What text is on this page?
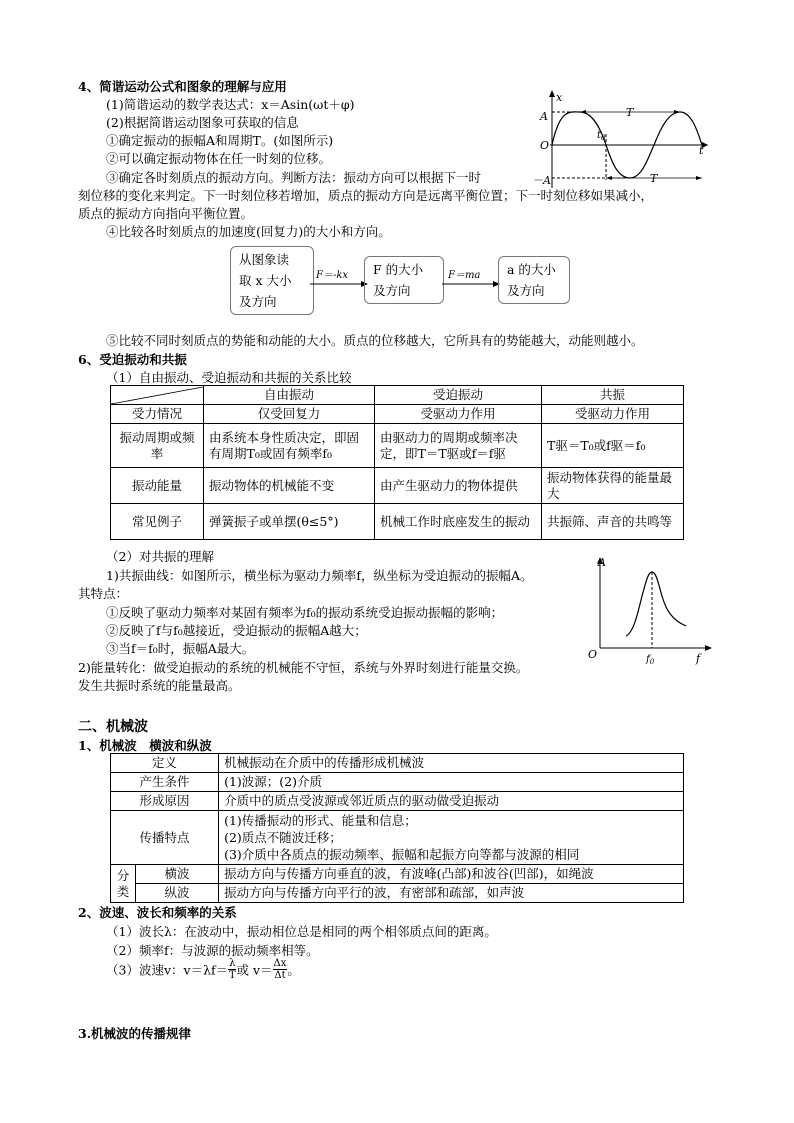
4、简谐运动公式和图象的理解与应用
(1)简谐运动的数学表达式：x＝Asin(ωt＋φ)
(2)根据简谐运动图象可获取的信息
①确定振动的振幅A和周期T。(如图所示)
②可以确定振动物体在任一时刻的位移。
③确定各时刻质点的振动方向。判断方法：振动方向可以根据下一时
刻位移的变化来判定。下一时刻位移若增加，质点的振动方向是远离平衡位置；下一时刻位移如果减小，
质点的振动方向指向平衡位置。
④比较各时刻质点的加速度(回复力)的大小和方向。
x
A
－A
O	t
T
T
$t_0$
从图象读
取 x 大小
及方向
F＝-kx F 的大小
及方向
F＝ma a 的大小
及方向
⑤比较不同时刻质点的势能和动能的大小。质点的位移越大，它所具有的势能越大，动能则越小。
6、受迫振动和共振
（1）自由振动、受迫振动和共振的关系比较
	自由振动	受迫振动	共振
受力情况	仅受回复力	受驱动力作用	受驱动力作用
振动周期或频率	由系统本身性质决定，即固有周期T₀或固有频率f₀	由驱动力的周期或频率决定，即T＝T驱或f＝f驱	T驱＝T₀或f驱＝f₀
振动能量	振动物体的机械能不变	由产生驱动力的物体提供	振动物体获得的能量最大
常见例子	弹簧振子或单摆(θ≤5°)	机械工作时底座发生的振动	共振筛、声音的共鸣等
（2）对共振的理解
1)共振曲线：如图所示，横坐标为驱动力频率f，纵坐标为受迫振动的振幅A。
其特点：
①反映了驱动力频率对某固有频率为f₀的振动系统受迫振动振幅的影响；
②反映了f与f₀越接近，受迫振动的振幅A越大；
③当f＝f₀时，振幅A最大。
2)能量转化：做受迫振动的系统的机械能不守恒，系统与外界时刻进行能量交换。
发生共振时系统的能量最高。
A
O	f
$f_0$
二、机械波
1、机械波　横波和纵波
定义		机械振动在介质中的传播形成机械波
产生条件		(1)波源；(2)介质
形成原因		介质中的质点受波源或邻近质点的驱动做受迫振动
传播特点		(1)传播振动的形式、能量和信息；
(2)质点不随波迁移；
(3)介质中各质点的振动频率、振幅和起振方向等都与波源的相同

分
类	横波	振动方向与传播方向垂直的波，有波峰(凸部)和波谷(凹部)，如绳波
	纵波	振动方向与传播方向平行的波，有密部和疏部，如声波
2、波速、波长和频率的关系
（1）波长λ：在波动中，振动相位总是相同的两个相邻质点间的距离。
（2）频率f：与波源的振动频率相等。
（3）波速v：$v=\lambda f= \frac{\lambda}{T}$ 或 $v= \frac{\Delta x}{\Delta t}$ 。
3.机械波的传播规律
